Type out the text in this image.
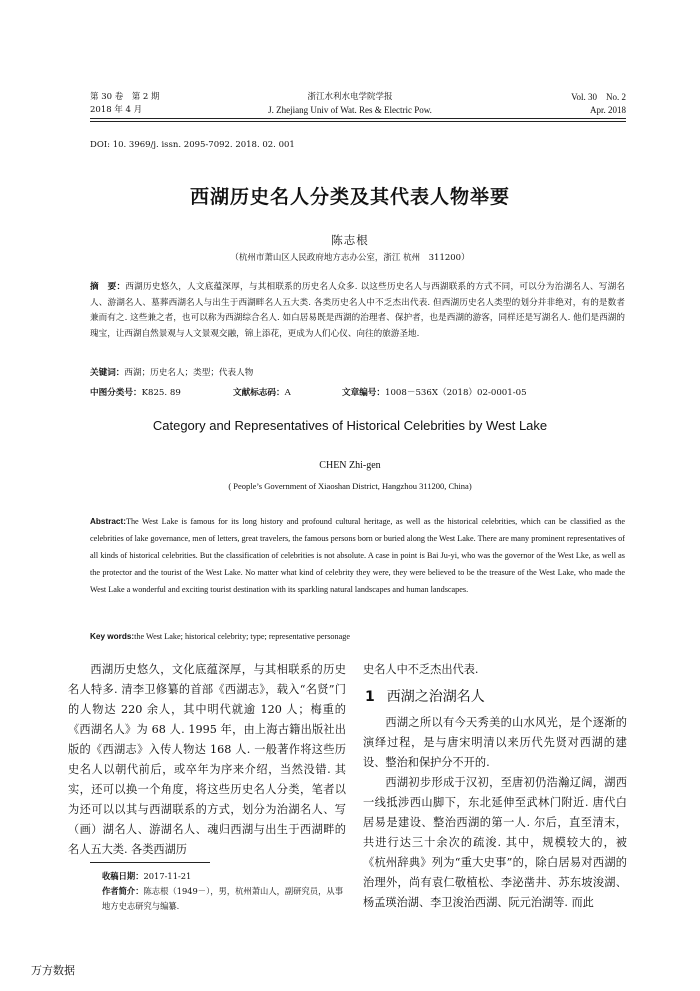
第 30 卷　第 2 期
2018 年 4 月
浙江水利水电学院学报
J. Zhejiang Univ of Wat. Res & Electric Pow.
Vol. 30　No. 2
Apr. 2018
DOI: 10. 3969/j. issn. 2095-7092. 2018. 02. 001
西湖历史名人分类及其代表人物举要
陈志根
（杭州市萧山区人民政府地方志办公室，浙江 杭州　311200）
摘　要：西湖历史悠久，人文底蕴深厚，与其相联系的历史名人众多. 以这些历史名人与西湖联系的方式不同，可以分为治湖名人、写湖名人、游湖名人、墓葬西湖名人与出生于西湖畔名人五大类. 各类历史名人中不乏杰出代表. 但西湖历史名人类型的划分并非绝对，有的是数者兼而有之. 这些兼之者，也可以称为西湖综合名人. 如白居易既是西湖的治理者、保护者，也是西湖的游客，同样还是写湖名人. 他们是西湖的瑰宝，让西湖自然景观与人文景观交融，锦上添花，更成为人们心仪、向往的旅游圣地.
关键词：西湖；历史名人；类型；代表人物
中图分类号：K825. 89	文献标志码：A	文章编号：1008－536X（2018）02-0001-05
Category and Representatives of Historical Celebrities by West Lake
CHEN Zhi-gen
( People’s Government of Xiaoshan District, Hangzhou 311200, China)
Abstract:The West Lake is famous for its long history and profound cultural heritage, as well as the historical celebrities, which can be classified as the celebrities of lake governance, men of letters, great travelers, the famous persons born or buried along the West Lake. There are many prominent representatives of all kinds of historical celebrities. But the classification of celebrities is not absolute. A case in point is Bai Ju-yi, who was the governor of the West Lke, as well as the protector and the tourist of the West Lake. No matter what kind of celebrity they were, they were believed to be the treasure of the West Lake, who made the West Lake a wonderful and exciting tourist destination with its sparkling natural landscapes and human landscapes.
Key words:the West Lake; historical celebrity; type; representative personage
西湖历史悠久，文化底蕴深厚，与其相联系的历史名人特多. 清李卫修纂的首部《西湖志》，载入“名贤”门的人物达 220 余人，其中明代就逾 120 人；梅重的《西湖名人》为 68 人. 1995 年，由上海古籍出版社出版的《西湖志》入传人物达 168 人. 一般著作将这些历史名人以朝代前后，或卒年为序来介绍，当然没错. 其实，还可以换一个角度，将这些历史名人分类，笔者以为还可以以其与西湖联系的方式，划分为治湖名人、写（画）湖名人、游湖名人、魂归西湖与出生于西湖畔的名人五大类. 各类西湖历
收稿日期：2017-11-21
作者简介：陈志根（1949－），男，杭州萧山人，副研究员，从事地方史志研究与编纂.
史名人中不乏杰出代表.
1 西湖之治湖名人
西湖之所以有今天秀美的山水风光，是个逐渐的演绎过程，是与唐宋明清以来历代先贤对西湖的建设、整治和保护分不开的.
西湖初步形成于汉初，至唐初仍浩瀚辽阔，湖西一线抵涉西山脚下，东北延伸至武林门附近. 唐代白居易是建设、整治西湖的第一人. 尔后，直至清末，共进行达三十余次的疏浚. 其中，规模较大的，被《杭州辞典》列为“重大史事”的，除白居易对西湖的治理外，尚有袁仁敬植松、李泌凿井、苏东坡浚湖、杨孟瑛治湖、李卫浚治西湖、阮元治湖等. 而此
万方数据
